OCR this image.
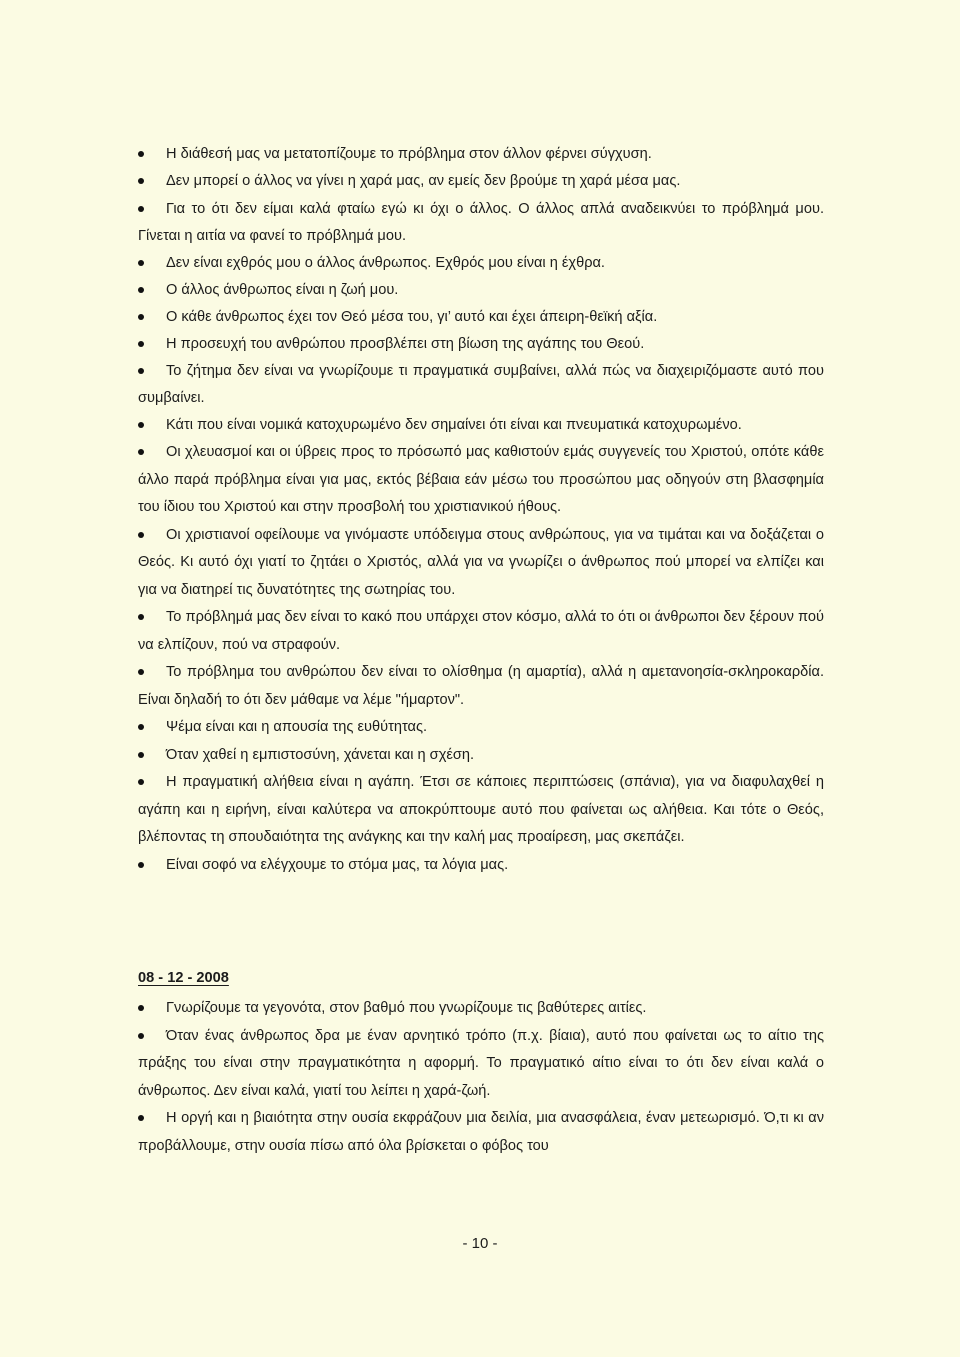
Η διάθεσή μας να μετατοπίζουμε το πρόβλημα στον άλλον φέρνει σύγχυση.
Δεν μπορεί ο άλλος να γίνει η χαρά μας, αν εμείς δεν βρούμε τη χαρά μέσα μας.
Για το ότι δεν είμαι καλά φταίω εγώ κι όχι ο άλλος. Ο άλλος απλά αναδεικνύει το πρόβλημά μου. Γίνεται η αιτία να φανεί το πρόβλημά μου.
Δεν είναι εχθρός μου ο άλλος άνθρωπος. Εχθρός μου είναι η έχθρα.
Ο άλλος άνθρωπος είναι η ζωή μου.
Ο κάθε άνθρωπος έχει τον Θεό μέσα του, γι’ αυτό και έχει άπειρη-θεϊκή αξία.
Η προσευχή του ανθρώπου προσβλέπει στη βίωση της αγάπης του Θεού.
Το ζήτημα δεν είναι να γνωρίζουμε τι πραγματικά συμβαίνει, αλλά πώς να διαχειριζόμαστε αυτό που συμβαίνει.
Κάτι που είναι νομικά κατοχυρωμένο δεν σημαίνει ότι είναι και πνευματικά κατοχυρωμένο.
Οι χλευασμοί και οι ύβρεις προς το πρόσωπό μας καθιστούν εμάς συγγενείς του Χριστού, οπότε κάθε άλλο παρά πρόβλημα είναι για μας, εκτός βέβαια εάν μέσω του προσώπου μας οδηγούν στη βλασφημία του ίδιου του Χριστού και στην προσβολή του χριστιανικού ήθους.
Οι χριστιανοί οφείλουμε να γινόμαστε υπόδειγμα στους ανθρώπους, για να τιμάται και να δοξάζεται ο Θεός. Κι αυτό όχι γιατί το ζητάει ο Χριστός, αλλά για να γνωρίζει ο άνθρωπος πού μπορεί να ελπίζει και για να διατηρεί τις δυνατότητες της σωτηρίας του.
Το πρόβλημά μας δεν είναι το κακό που υπάρχει στον κόσμο, αλλά το ότι οι άνθρωποι δεν ξέρουν πού να ελπίζουν, πού να στραφούν.
Το πρόβλημα του ανθρώπου δεν είναι το ολίσθημα (η αμαρτία), αλλά η αμετανοησία-σκληροκαρδία. Είναι δηλαδή το ότι δεν μάθαμε να λέμε "ήμαρτον".
Ψέμα είναι και η απουσία της ευθύτητας.
Όταν χαθεί η εμπιστοσύνη, χάνεται και η σχέση.
Η πραγματική αλήθεια είναι η αγάπη. Έτσι σε κάποιες περιπτώσεις (σπάνια), για να διαφυλαχθεί η αγάπη και η ειρήνη, είναι καλύτερα να αποκρύπτουμε αυτό που φαίνεται ως αλήθεια. Και τότε ο Θεός, βλέποντας τη σπουδαιότητα της ανάγκης και την καλή μας προαίρεση, μας σκεπάζει.
Είναι σοφό να ελέγχουμε το στόμα μας, τα λόγια μας.

08 - 12 - 2008

Γνωρίζουμε τα γεγονότα, στον βαθμό που γνωρίζουμε τις βαθύτερες αιτίες.
Όταν ένας άνθρωπος δρα με έναν αρνητικό τρόπο (π.χ. βίαια), αυτό που φαίνεται ως το αίτιο της πράξης του είναι στην πραγματικότητα η αφορμή. Το πραγματικό αίτιο είναι το ότι δεν είναι καλά ο άνθρωπος. Δεν είναι καλά, γιατί του λείπει η χαρά-ζωή.
Η οργή και η βιαιότητα στην ουσία εκφράζουν μια δειλία, μια ανασφάλεια, έναν μετεωρισμό. Ό,τι κι αν προβάλλουμε, στην ουσία πίσω από όλα βρίσκεται ο φόβος του

- 10 -
